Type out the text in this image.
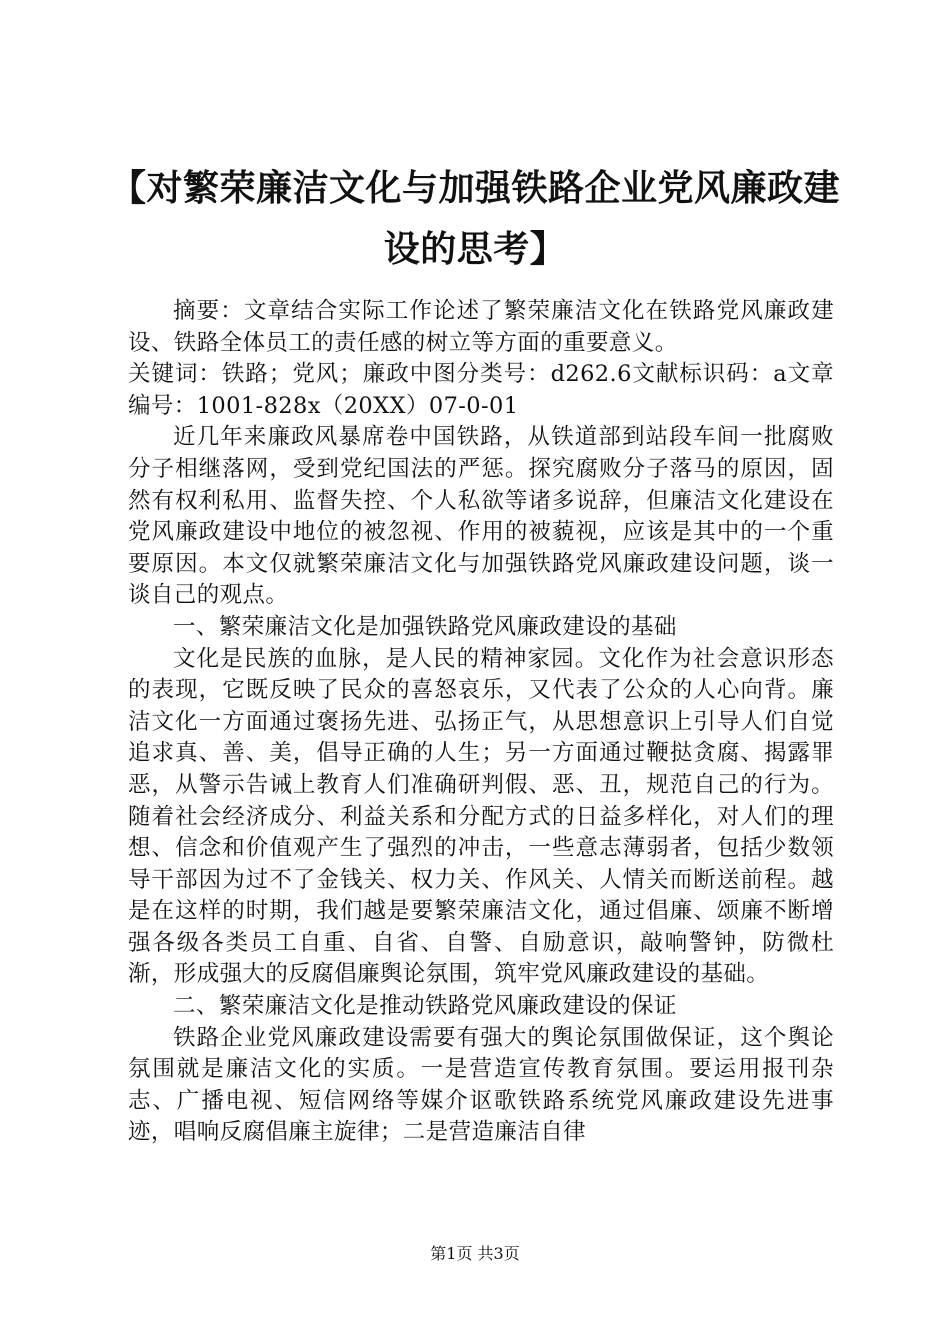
【对繁荣廉洁文化与加强铁路企业党风廉政建
设的思考】

摘要：文章结合实际工作论述了繁荣廉洁文化在铁路党风廉政建设、铁路全体员工的责任感的树立等方面的重要意义。

关键词：铁路；党风；廉政中图分类号：d262.6文献标识码：a文章编号：1001-828x（20XX）07-0-01

近几年来廉政风暴席卷中国铁路，从铁道部到站段车间一批腐败分子相继落网，受到党纪国法的严惩。探究腐败分子落马的原因，固然有权利私用、监督失控、个人私欲等诸多说辞，但廉洁文化建设在党风廉政建设中地位的被忽视、作用的被藐视，应该是其中的一个重要原因。本文仅就繁荣廉洁文化与加强铁路党风廉政建设问题，谈一谈自己的观点。

一、繁荣廉洁文化是加强铁路党风廉政建设的基础

文化是民族的血脉，是人民的精神家园。文化作为社会意识形态的表现，它既反映了民众的喜怒哀乐，又代表了公众的人心向背。廉洁文化一方面通过褒扬先进、弘扬正气，从思想意识上引导人们自觉追求真、善、美，倡导正确的人生；另一方面通过鞭挞贪腐、揭露罪恶，从警示告诫上教育人们准确研判假、恶、丑，规范自己的行为。随着社会经济成分、利益关系和分配方式的日益多样化，对人们的理想、信念和价值观产生了强烈的冲击，一些意志薄弱者，包括少数领导干部因为过不了金钱关、权力关、作风关、人情关而断送前程。越是在这样的时期，我们越是要繁荣廉洁文化，通过倡廉、颂廉不断增强各级各类员工自重、自省、自警、自励意识，敲响警钟，防微杜渐，形成强大的反腐倡廉舆论氛围，筑牢党风廉政建设的基础。

二、繁荣廉洁文化是推动铁路党风廉政建设的保证

铁路企业党风廉政建设需要有强大的舆论氛围做保证，这个舆论氛围就是廉洁文化的实质。一是营造宣传教育氛围。要运用报刊杂志、广播电视、短信网络等媒介讴歌铁路系统党风廉政建设先进事迹，唱响反腐倡廉主旋律；二是营造廉洁自律

第1页 共3页
